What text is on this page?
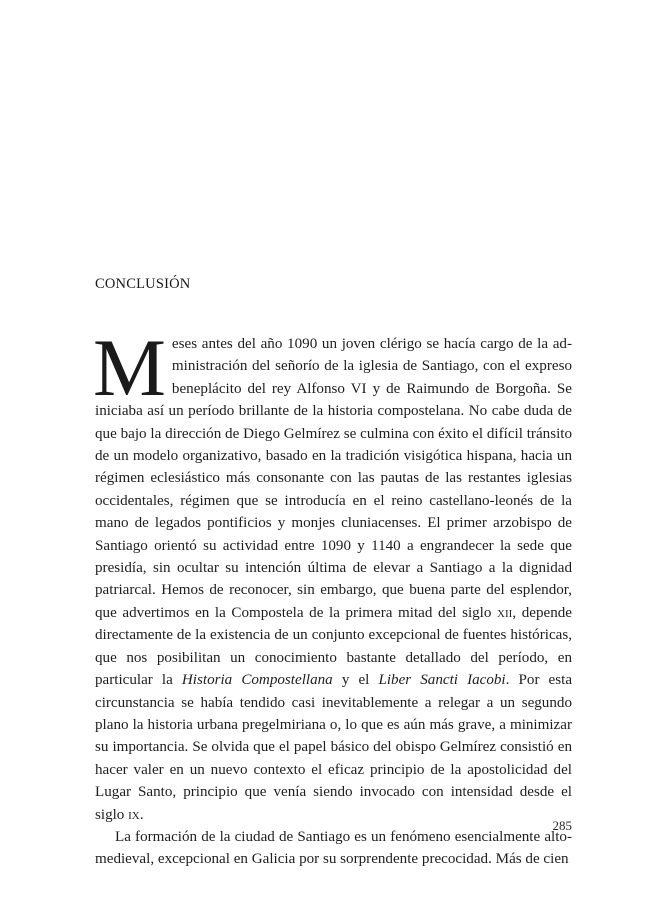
CONCLUSIÓN

Meses antes del año 1090 un joven clérigo se hacía cargo de la administración del señorío de la iglesia de Santiago, con el expreso beneplácito del rey Alfonso VI y de Raimundo de Borgoña. Se iniciaba así un período brillante de la historia compostelana. No cabe duda de que bajo la dirección de Diego Gelmírez se culmina con éxito el difícil tránsito de un modelo organizativo, basado en la tradición visigótica hispana, hacia un régimen eclesiástico más consonante con las pautas de las restantes iglesias occidentales, régimen que se introducía en el reino castellano-leonés de la mano de legados pontificios y monjes cluniacenses. El primer arzobispo de Santiago orientó su actividad entre 1090 y 1140 a engrandecer la sede que presidía, sin ocultar su intención última de elevar a Santiago a la dignidad patriarcal. Hemos de reconocer, sin embargo, que buena parte del esplendor, que advertimos en la Compostela de la primera mitad del siglo xii, depende directamente de la existencia de un conjunto excepcional de fuentes históricas, que nos posibilitan un conocimiento bastante detallado del período, en particular la Historia Compostellana y el Liber Sancti Iacobi. Por esta circunstancia se había tendido casi inevitablemente a relegar a un segundo plano la historia urbana pregelmiriana o, lo que es aún más grave, a minimizar su importancia. Se olvida que el papel básico del obispo Gelmírez consistió en hacer valer en un nuevo contexto el eficaz principio de la apostolicidad del Lugar Santo, principio que venía siendo invocado con intensidad desde el siglo ix.

La formación de la ciudad de Santiago es un fenómeno esencialmente altomedieval, excepcional en Galicia por su sorprendente precocidad. Más de cien

285
